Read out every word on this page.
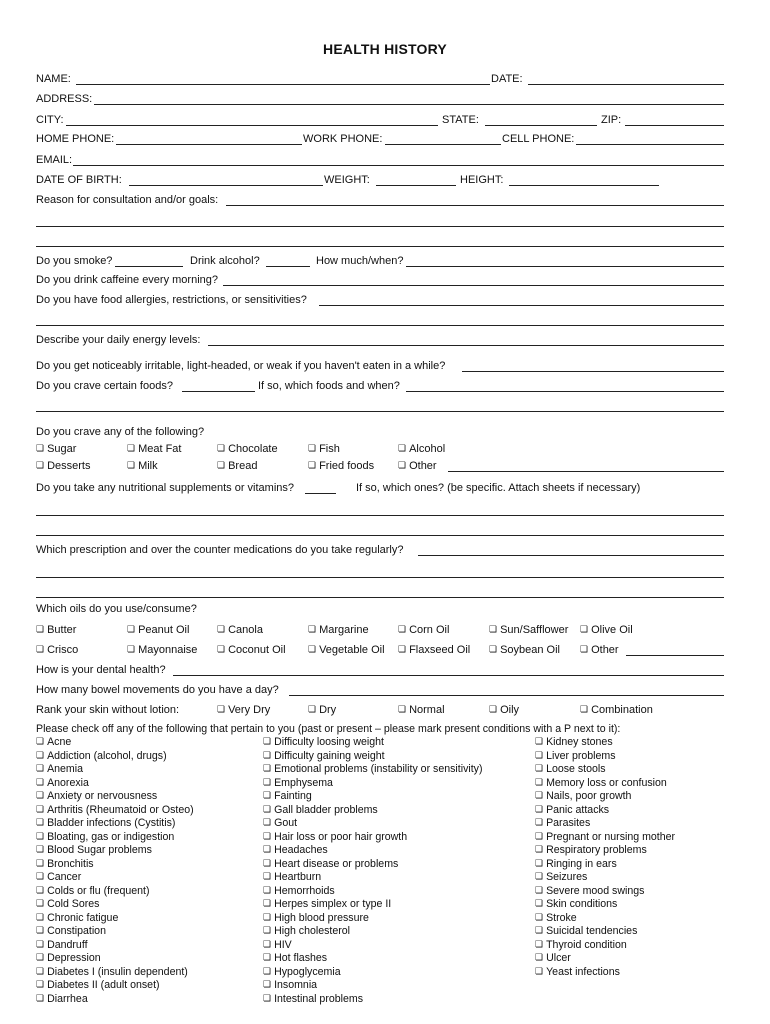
HEALTH HISTORY
NAME:	DATE:
ADDRESS:
CITY:	STATE:	ZIP:
HOME PHONE:	WORK PHONE:	CELL PHONE:
EMAIL:
DATE OF BIRTH:	WEIGHT:	HEIGHT:
Reason for consultation and/or goals:
Do you smoke?	Drink alcohol?	How much/when?
Do you drink caffeine every morning?
Do you have food allergies, restrictions, or sensitivities?
Describe your daily energy levels:
Do you get noticeably irritable, light-headed, or weak if you haven't eaten in a while?
Do you crave certain foods?	If so, which foods and when?
Do you crave any of the following?
❏ Sugar	❏ Meat Fat	❏ Chocolate	❏ Fish	❏ Alcohol
❏ Desserts	❏ Milk	❏ Bread	❏ Fried foods	❏ Other
Do you take any nutritional supplements or vitamins?	If so, which ones? (be specific. Attach sheets if necessary)
Which prescription and over the counter medications do you take regularly?
Which oils do you use/consume?
❏ Butter	❏ Peanut Oil	❏ Canola	❏ Margarine	❏ Corn Oil	❏ Sun/Safflower	❏ Olive Oil
❏ Crisco	❏ Mayonnaise	❏ Coconut Oil	❏ Vegetable Oil	❏ Flaxseed Oil	❏ Soybean Oil	❏ Other
How is your dental health?
How many bowel movements do you have a day?
Rank your skin without lotion:	❏ Very Dry	❏ Dry	❏ Normal	❏ Oily	❏ Combination
Please check off any of the following that pertain to you (past or present – please mark present conditions with a P next to it):
❏ Acne
❏ Addiction (alcohol, drugs)
❏ Anemia
❏ Anorexia
❏ Anxiety or nervousness
❏ Arthritis (Rheumatoid or Osteo)
❏ Bladder infections (Cystitis)
❏ Bloating, gas or indigestion
❏ Blood Sugar problems
❏ Bronchitis
❏ Cancer
❏ Colds or flu (frequent)
❏ Cold Sores
❏ Chronic fatigue
❏ Constipation
❏ Dandruff
❏ Depression
❏ Diabetes I (insulin dependent)
❏ Diabetes II (adult onset)
❏ Diarrhea
❏ Difficulty loosing weight
❏ Difficulty gaining weight
❏ Emotional problems (instability or sensitivity)
❏ Emphysema
❏ Fainting
❏ Gall bladder problems
❏ Gout
❏ Hair loss or poor hair growth
❏ Headaches
❏ Heart disease or problems
❏ Heartburn
❏ Hemorrhoids
❏ Herpes simplex or type II
❏ High blood pressure
❏ High cholesterol
❏ HIV
❏ Hot flashes
❏ Hypoglycemia
❏ Insomnia
❏ Intestinal problems
❏ Kidney stones
❏ Liver problems
❏ Loose stools
❏ Memory loss or confusion
❏ Nails, poor growth
❏ Panic attacks
❏ Parasites
❏ Pregnant or nursing mother
❏ Respiratory problems
❏ Ringing in ears
❏ Seizures
❏ Severe mood swings
❏ Skin conditions
❏ Stroke
❏ Suicidal tendencies
❏ Thyroid condition
❏ Ulcer
❏ Yeast infections
